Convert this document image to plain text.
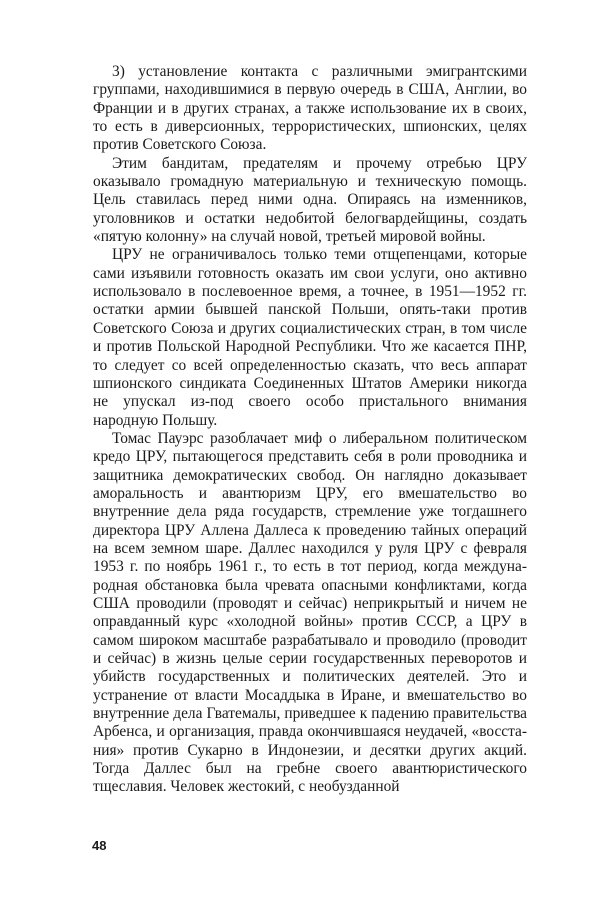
3) установление контакта с различными эмигрантскими группами, находившимися в первую очередь в США, Англии, во Франции и в других странах, а также использование их в своих, то есть в диверсионных, террористических, шпионских, целях против Советского Союза.

Этим бандитам, предателям и прочему отребью ЦРУ оказывало громадную материальную и техническую помощь. Цель ставилась перед ними одна. Опираясь на изменников, уголовников и остатки недобитой белогвардейщины, создать «пятую колонну» на случай новой, третьей мировой войны.

ЦРУ не ограничивалось только теми отщепенцами, которые сами изъявили готовность оказать им свои услуги, оно активно использовало в послевоенное время, а точнее, в 1951—1952 гг. остатки армии бывшей панской Польши, опять-таки против Советского Союза и других социалистических стран, в том числе и против Польской Народной Республики. Что же касается ПНР, то следует со всей определенностью сказать, что весь аппарат шпионского синдиката Соединенных Штатов Америки никогда не упускал из-под своего особо пристального внимания народную Польшу.

Томас Пауэрс разоблачает миф о либеральном политическом кредо ЦРУ, пытающегося представить себя в роли проводника и защитника демократических свобод. Он наглядно доказывает аморальность и авантюризм ЦРУ, его вмешательство во внутренние дела ряда государств, стремление уже тогдашнего директора ЦРУ Аллена Даллеса к проведению тайных операций на всем земном шаре. Даллес находился у руля ЦРУ с февраля 1953 г. по ноябрь 1961 г., то есть в тот период, когда международная обстановка была чревата опасными конфликтами, когда США проводили (проводят и сейчас) неприкрытый и ничем не оправданный курс «холодной войны» против СССР, а ЦРУ в самом широком масштабе разрабатывало и проводило (проводит и сейчас) в жизнь целые серии государственных переворотов и убийств государственных и политических деятелей. Это и устранение от власти Мосаддыка в Иране, и вмешательство во внутренние дела Гватемалы, приведшее к падению правительства Арбенса, и организация, правда окончившаяся неудачей, «восстания» против Сукарно в Индонезии, и десятки других акций. Тогда Даллес был на гребне своего авантюристического тщеславия. Человек жестокий, с необузданной

48
